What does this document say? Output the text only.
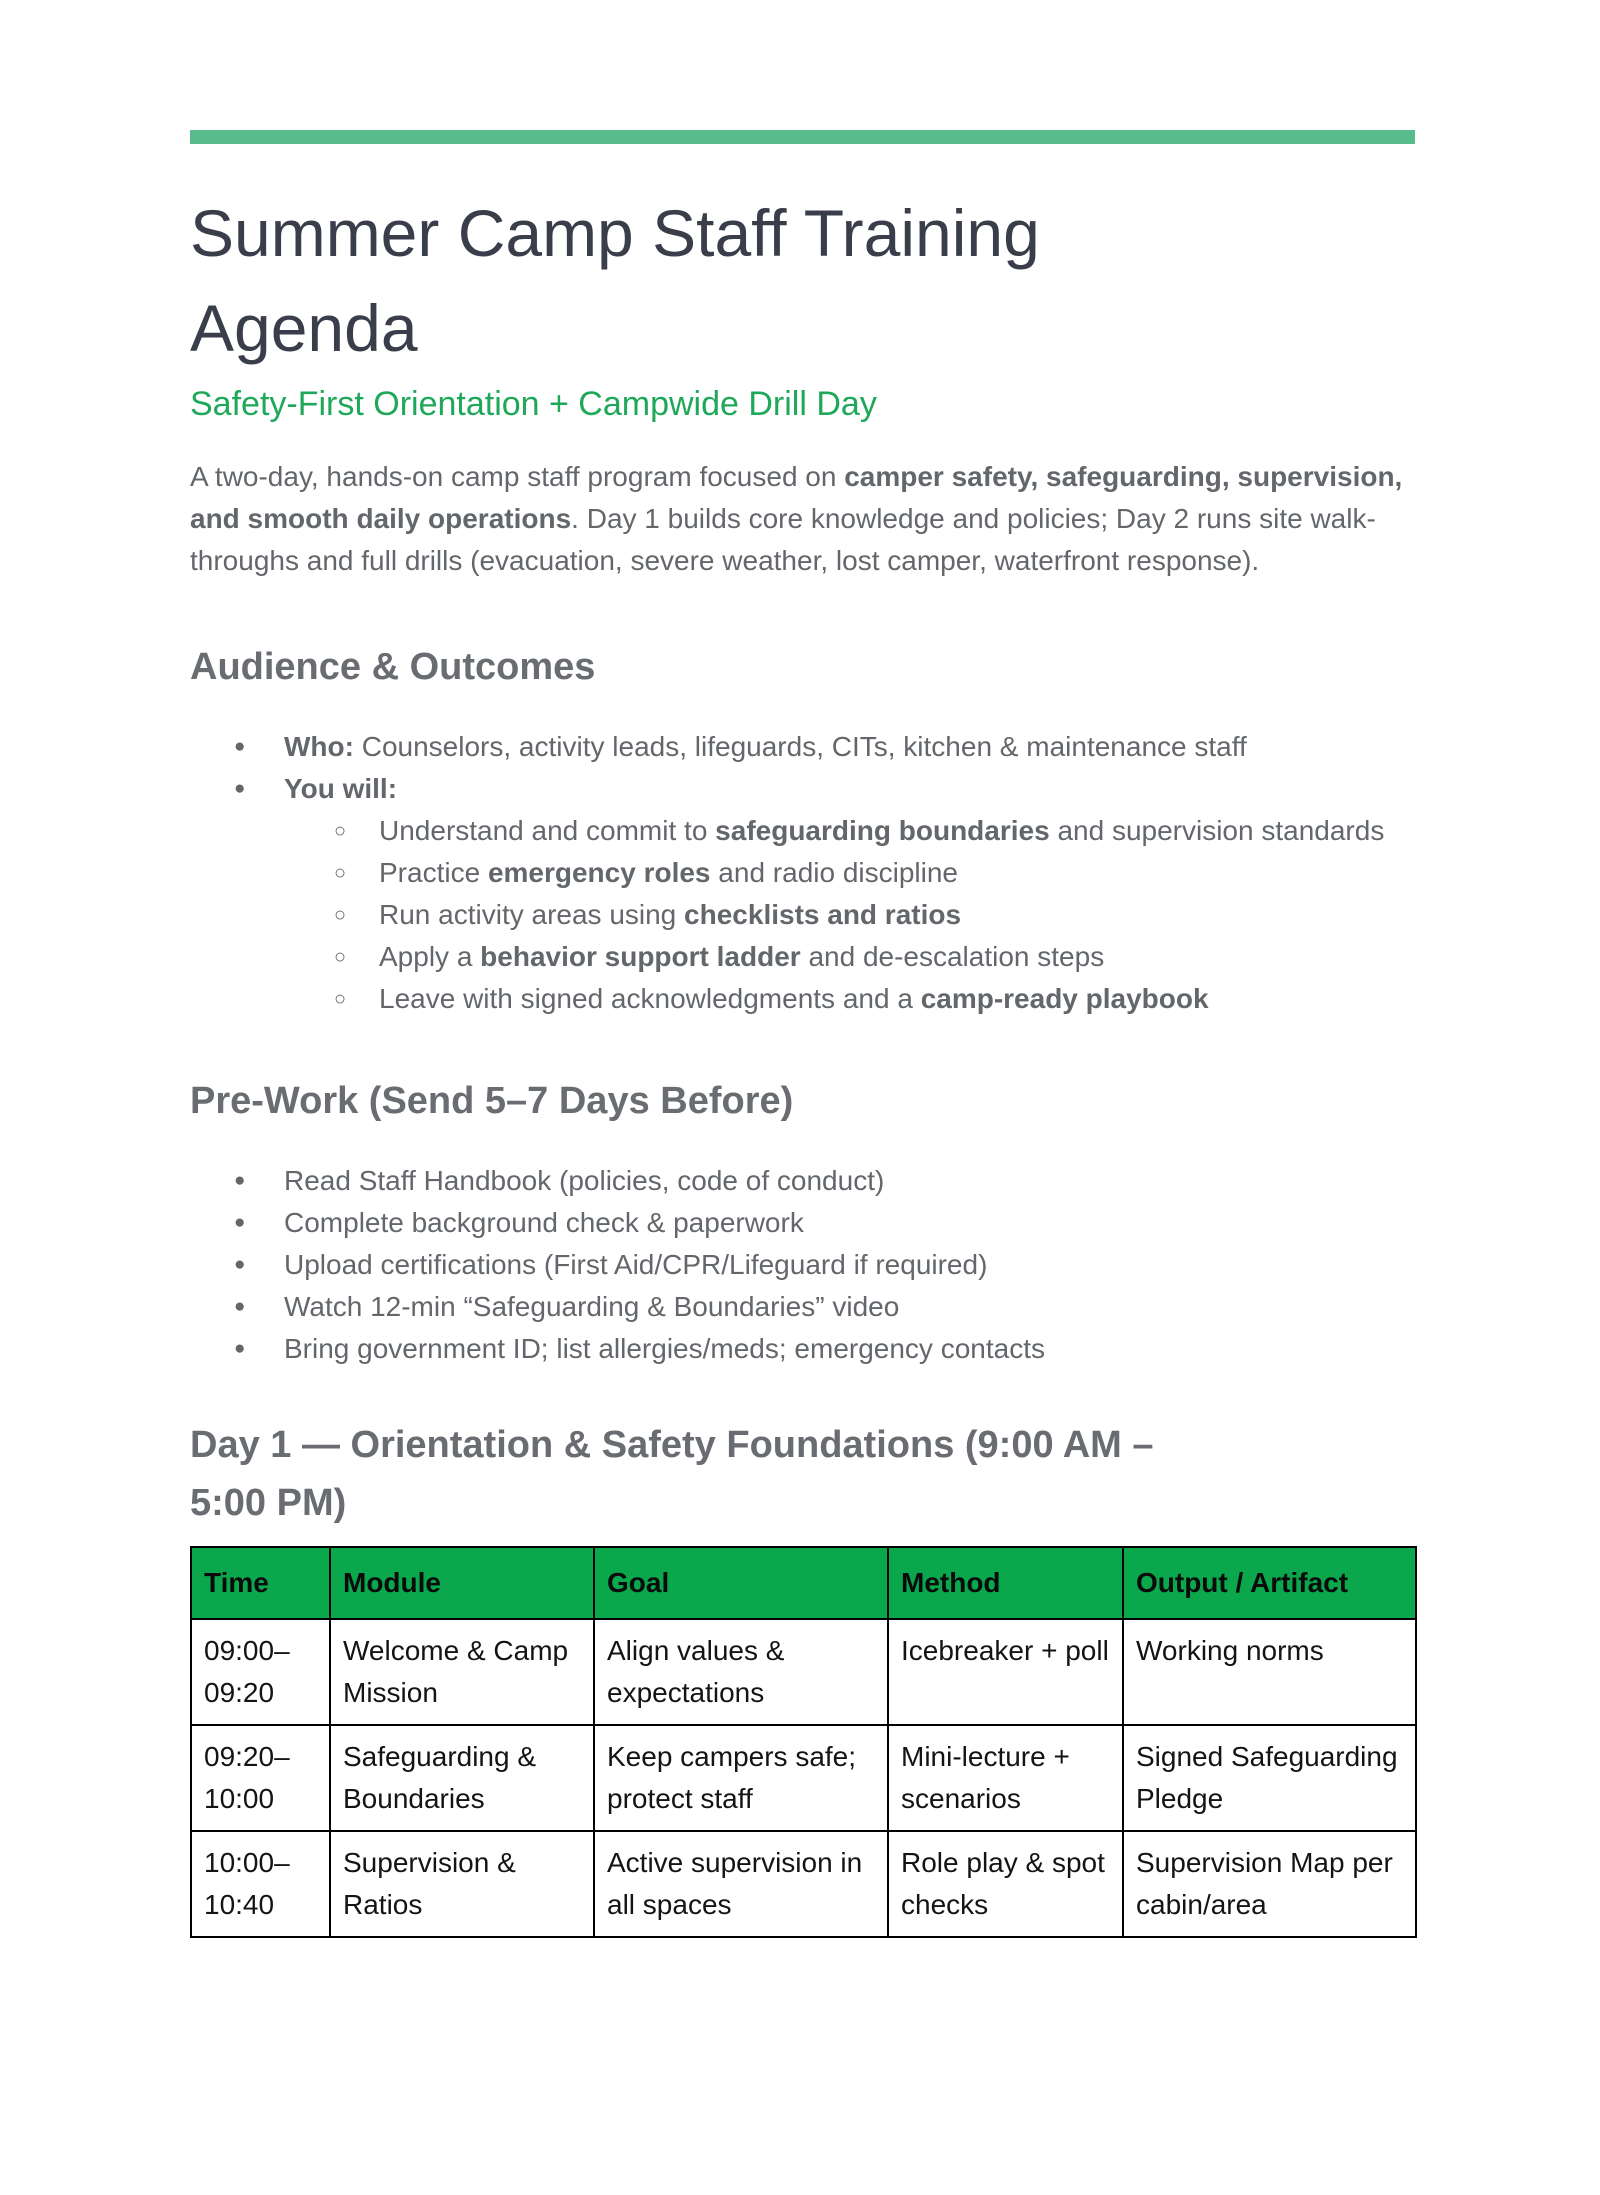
Summer Camp Staff Training Agenda
Safety-First Orientation + Campwide Drill Day

A two-day, hands-on camp staff program focused on camper safety, safeguarding, supervision, and smooth daily operations. Day 1 builds core knowledge and policies; Day 2 runs site walk-throughs and full drills (evacuation, severe weather, lost camper, waterfront response).

Audience & Outcomes
● Who: Counselors, activity leads, lifeguards, CITs, kitchen & maintenance staff
● You will:
○ Understand and commit to safeguarding boundaries and supervision standards
○ Practice emergency roles and radio discipline
○ Run activity areas using checklists and ratios
○ Apply a behavior support ladder and de-escalation steps
○ Leave with signed acknowledgments and a camp-ready playbook
Pre-Work (Send 5–7 Days Before)
● Read Staff Handbook (policies, code of conduct)
● Complete background check & paperwork
● Upload certifications (First Aid/CPR/Lifeguard if required)
● Watch 12-min “Safeguarding & Boundaries” video
● Bring government ID; list allergies/meds; emergency contacts
Day 1 — Orientation & Safety Foundations (9:00 AM – 5:00 PM)
Time	Module	Goal	Method	Output / Artifact
09:00–09:20	Welcome & Camp Mission	Align values & expectations	Icebreaker + poll	Working norms
09:20–10:00	Safeguarding & Boundaries	Keep campers safe; protect staff	Mini-lecture + scenarios	Signed Safeguarding Pledge
10:00–10:40	Supervision & Ratios	Active supervision in all spaces	Role play & spot checks	Supervision Map per cabin/area
